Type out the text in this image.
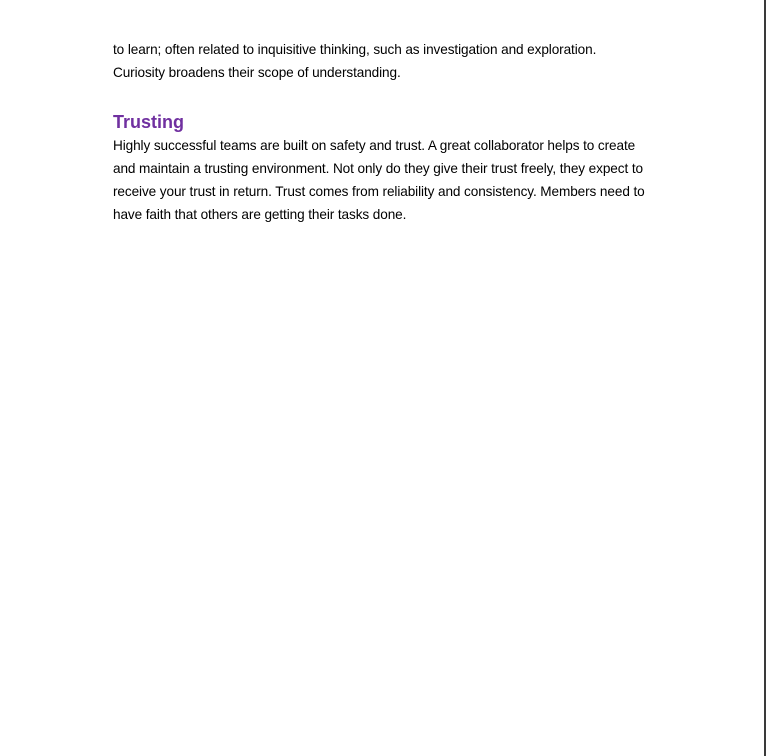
to learn; often related to inquisitive thinking, such as investigation and exploration.
Curiosity broadens their scope of understanding.

Trusting

Highly successful teams are built on safety and trust. A great collaborator helps to create
and maintain a trusting environment. Not only do they give their trust freely, they expect to
receive your trust in return. Trust comes from reliability and consistency. Members need to
have faith that others are getting their tasks done.
